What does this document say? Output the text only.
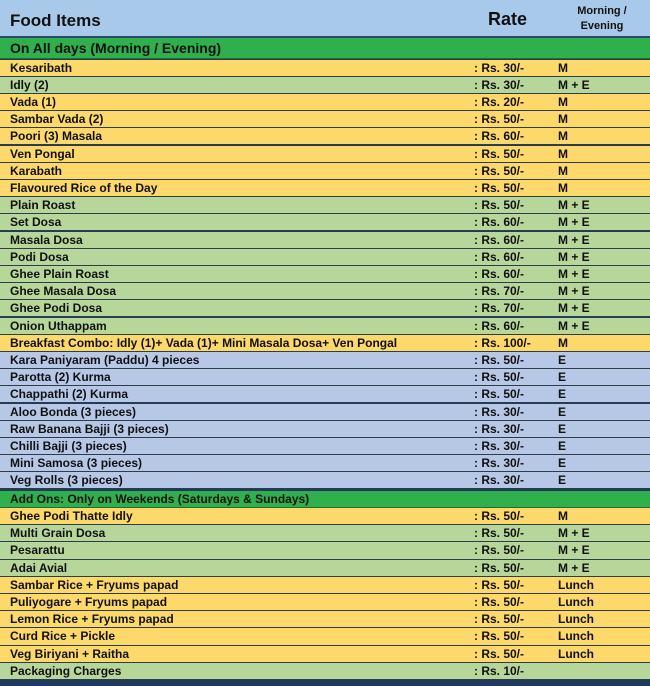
Food Items	Rate	Morning / Evening
On All days (Morning / Evening)
Kesaribath	: Rs. 30/-	M
Idly (2)	: Rs. 30/-	M + E
Vada (1)	: Rs. 20/-	M
Sambar Vada (2)	: Rs. 50/-	M
Poori (3) Masala	: Rs. 60/-	M
Ven Pongal	: Rs. 50/-	M
Karabath	: Rs. 50/-	M
Flavoured Rice of the Day	: Rs. 50/-	M
Plain Roast	: Rs. 50/-	M + E
Set Dosa	: Rs. 60/-	M + E
Masala Dosa	: Rs. 60/-	M + E
Podi Dosa	: Rs. 60/-	M + E
Ghee Plain Roast	: Rs. 60/-	M + E
Ghee Masala Dosa	: Rs. 70/-	M + E
Ghee Podi Dosa	: Rs. 70/-	M + E
Onion Uthappam	: Rs. 60/-	M + E
Breakfast Combo: Idly (1)+ Vada (1)+ Mini Masala Dosa+ Ven Pongal	: Rs. 100/- M
Kara Paniyaram (Paddu) 4 pieces	: Rs. 50/-	E
Parotta (2) Kurma	: Rs. 50/-	E
Chappathi (2) Kurma	: Rs. 50/-	E
Aloo Bonda (3 pieces)	: Rs. 30/-	E
Raw Banana Bajji (3 pieces)	: Rs. 30/-	E
Chilli Bajji (3 pieces)	: Rs. 30/-	E
Mini Samosa (3 pieces)	: Rs. 30/-	E
Veg Rolls (3 pieces)	: Rs. 30/-	E
Add Ons: Only on Weekends (Saturdays & Sundays)
Ghee Podi Thatte Idly	: Rs. 50/-	M
Multi Grain Dosa	: Rs. 50/-	M + E
Pesarattu	: Rs. 50/-	M + E
Adai Avial	: Rs. 50/-	M + E
Sambar Rice + Fryums papad	: Rs. 50/-	Lunch
Puliyogare + Fryums papad	: Rs. 50/-	Lunch
Lemon Rice + Fryums papad	: Rs. 50/-	Lunch
Curd Rice + Pickle	: Rs. 50/-	Lunch
Veg Biriyani + Raitha	: Rs. 50/-	Lunch
Packaging Charges	: Rs. 10/-
